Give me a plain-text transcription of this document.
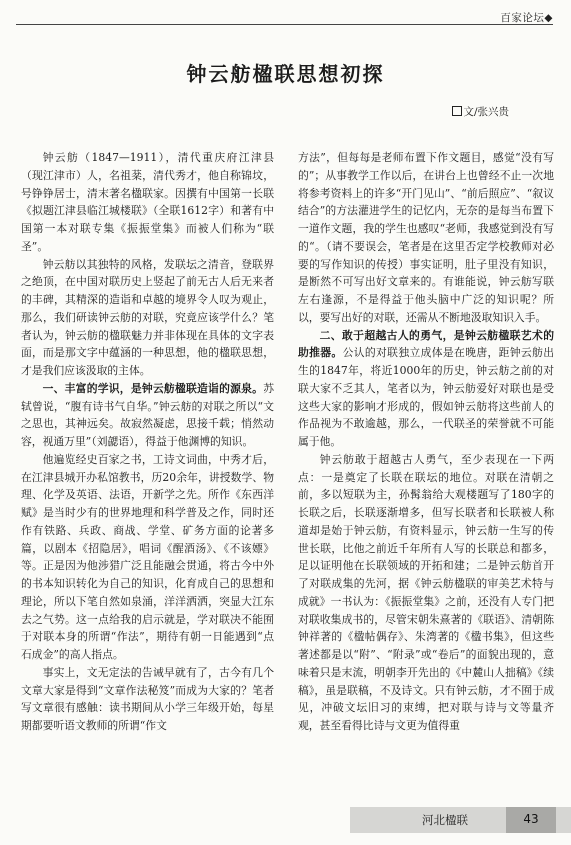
百家论坛◆
钟云舫楹联思想初探
文/张兴贵

钟云舫（1847—1911），清代重庆府江津县（现江津市）人，名祖棻，清代秀才，他自称锦坟，号铮铮居士，清末著名楹联家。因撰有中国第一长联《拟题江津县临江城楼联》（全联1612字）和著有中国第一本对联专集《振振堂集》而被人们称为“联圣”。

钟云舫以其独特的风格，发联坛之清音，登联界之绝顶，在中国对联历史上竖起了前无古人后无来者的丰碑，其精深的造诣和卓越的境界令人叹为观止，那么，我们研读钟云舫的对联，究竟应该学什么？笔者认为，钟云舫的楹联魅力并非体现在具体的文字表面，而是那文字中蕴涵的一种思想，他的楹联思想，才是我们应该汲取的主体。

一、丰富的学识，是钟云舫楹联造诣的源泉。苏轼曾说，“腹有诗书气自华。”钟云舫的对联之所以“文之思也，其神远矣。故寂然凝虑，思接千载；悄然动容，视通万里”（刘勰语），得益于他渊博的知识。

他遍览经史百家之书，工诗文词曲，中秀才后，在江津县城开办私馆教书，历20余年，讲授数学、物理、化学及英语、法语，开新学之先。所作《东西洋赋》是当时少有的世界地理和科学普及之作，同时还作有铁路、兵政、商战、学堂、矿务方面的论著多篇，以剧本《招隐居》，唱词《醒酒汤》、《不该嫖》等。正是因为他涉猎广泛且能融会贯通，将古今中外的书本知识转化为自己的知识，化育成自己的思想和理论，所以下笔自然如泉涌，洋洋洒洒，突显大江东去之气势。这一点给我的启示就是，学对联决不能囿于对联本身的所谓“作法”，期待有朝一日能遇到“点石成金”的高人指点。

事实上，文无定法的告诫早就有了，古今有几个文章大家是得到“文章作法秘笈”而成为大家的？笔者写文章很有感触：读书期间从小学三年级开始，每星期都要听语文教师的所谓“作文

方法”，但每每是老师布置下作文题目，感觉“没有写的”；从事教学工作以后，在讲台上也曾经不止一次地将参考资料上的许多“开门见山”、“前后照应”、“叙议结合”的方法灌进学生的记忆内，无奈的是每当布置下一道作文题，我的学生也感叹“老师，我感觉到没有写的“。（请不要误会，笔者是在这里否定学校教师对必要的写作知识的传授）事实证明，肚子里没有知识，是断然不可写出好文章来的。有谁能说，钟云舫写联左右逢源，不是得益于他头脑中广泛的知识呢？所以，要写出好的对联，还需从不断地汲取知识入手。

二、敢于超越古人的勇气，是钟云舫楹联艺术的助推器。公认的对联独立成体是在晚唐，距钟云舫出生的1847年，将近1000年的历史，钟云舫之前的对联大家不乏其人，笔者以为，钟云舫爱好对联也是受这些大家的影响才形成的，假如钟云舫将这些前人的作品视为不敢逾越，那么，一代联圣的荣誉就不可能属于他。

钟云舫敢于超越古人勇气，至少表现在一下两点：一是奠定了长联在联坛的地位。对联在清朝之前，多以短联为主，孙髯翁给大观楼题写了180字的长联之后，长联逐渐增多，但写长联者和长联被人称道却是始于钟云舫，有资料显示，钟云舫一生写的传世长联，比他之前近千年所有人写的长联总和都多，足以证明他在长联领域的开拓和建；二是钟云舫首开了对联成集的先河，据《钟云舫楹联的审美艺术特与成就》一书认为：《振振堂集》之前，还没有人专门把对联收集成书的，尽管宋朝朱熹著的《联语》、清朝陈钟祥著的《楹帖偶存》、朱湾著的《楹书集》，但这些著述都是以“附”、“附录”或“卷后”的面貌出现的，意味着只是末流，明朝李开先出的《中麓山人拙稿》《续稿》，虽是联稿，不及诗文。只有钟云舫，才不囿于成见，冲破文坛旧习的束缚，把对联与诗与文等量齐观，甚至看得比诗与文更为值得重

河北楹联	43
